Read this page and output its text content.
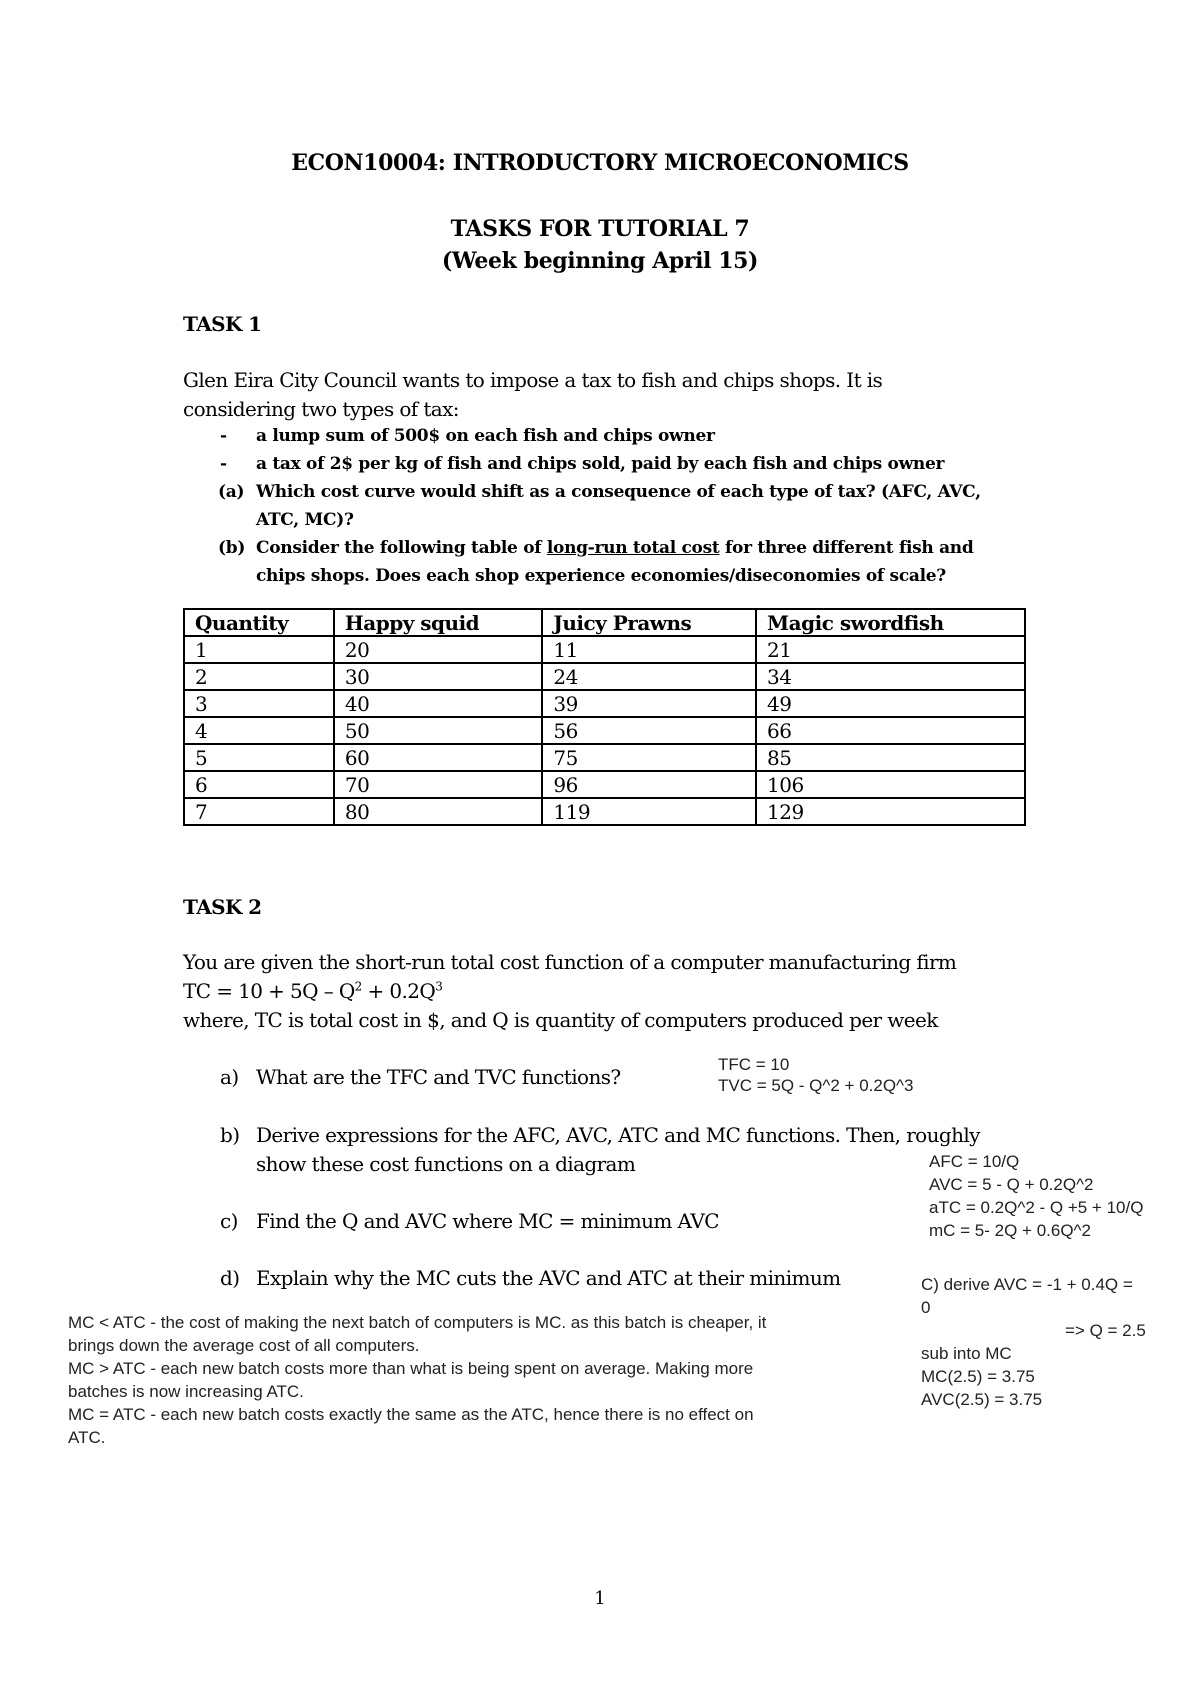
ECON10004: INTRODUCTORY MICROECONOMICS
TASKS FOR TUTORIAL 7
(Week beginning April 15)
TASK 1
Glen Eira City Council wants to impose a tax to fish and chips shops. It is
considering two types of tax:
- a lump sum of 500$ on each fish and chips owner
- a tax of 2$ per kg of fish and chips sold, paid by each fish and chips owner
(a) Which cost curve would shift as a consequence of each type of tax? (AFC, AVC,
ATC, MC)?
(b) Consider the following table of long-run total cost for three different fish and
chips shops. Does each shop experience economies/diseconomies of scale?
Quantity	Happy squid	Juicy Prawns	Magic swordfish
1	20	11	21
2	30	24	34
3	40	39	49
4	50	56	66
5	60	75	85
6	70	96	106
7	80	119	129
TASK 2
You are given the short-run total cost function of a computer manufacturing firm
TC = $10 + 5Q - Q^2 + 0.2Q^3$
where, TC is total cost in $, and Q is quantity of computers produced per week
a) What are the TFC and TVC functions?
b) Derive expressions for the AFC, AVC, ATC and MC functions. Then, roughly
show these cost functions on a diagram
c) Find the Q and AVC where MC = minimum AVC
d) Explain why the MC cuts the AVC and ATC at their minimum
TFC = 10
TVC = 5Q - Q^2 + 0.2Q^3
AFC = 10/Q
AVC = 5 - Q + 0.2Q^2
aTC = 0.2Q^2 - Q +5 + 10/Q
mC = 5- 2Q + 0.6Q^2
C) derive AVC = -1 + 0.4Q =
0
=> Q = 2.5
sub into MC
MC(2.5) = 3.75
AVC(2.5) = 3.75
MC < ATC - the cost of making the next batch of computers is MC. as this batch is cheaper, it
brings down the average cost of all computers.
MC > ATC - each new batch costs more than what is being spent on average. Making more
batches is now increasing ATC.
MC = ATC - each new batch costs exactly the same as the ATC, hence there is no effect on
ATC.
1
